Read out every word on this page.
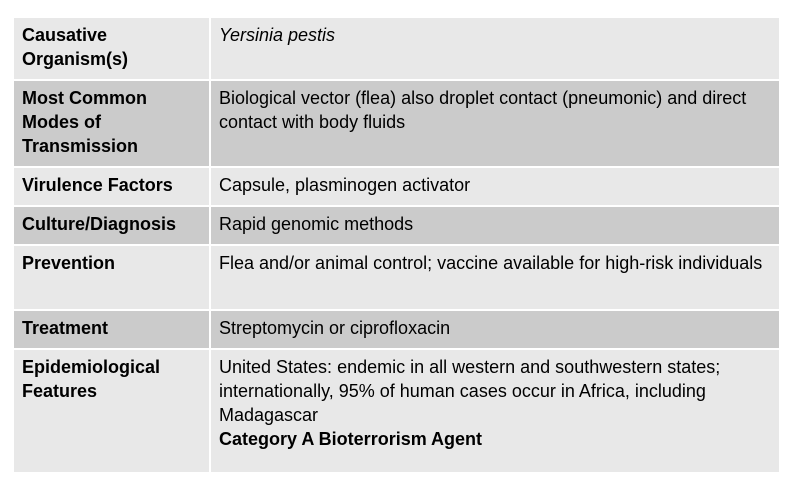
Causative Organism(s)	Yersinia pestis
Most Common Modes of Transmission	Biological vector (flea) also droplet contact (pneumonic) and direct contact with body fluids
Virulence Factors	Capsule, plasminogen activator
Culture/Diagnosis	Rapid genomic methods
Prevention	Flea and/or animal control; vaccine available for high-risk individuals
Treatment	Streptomycin or ciprofloxacin
Epidemiological Features	United States: endemic in all western and southwestern states; internationally, 95% of human cases occur in Africa, including Madagascar
Category A Bioterrorism Agent
